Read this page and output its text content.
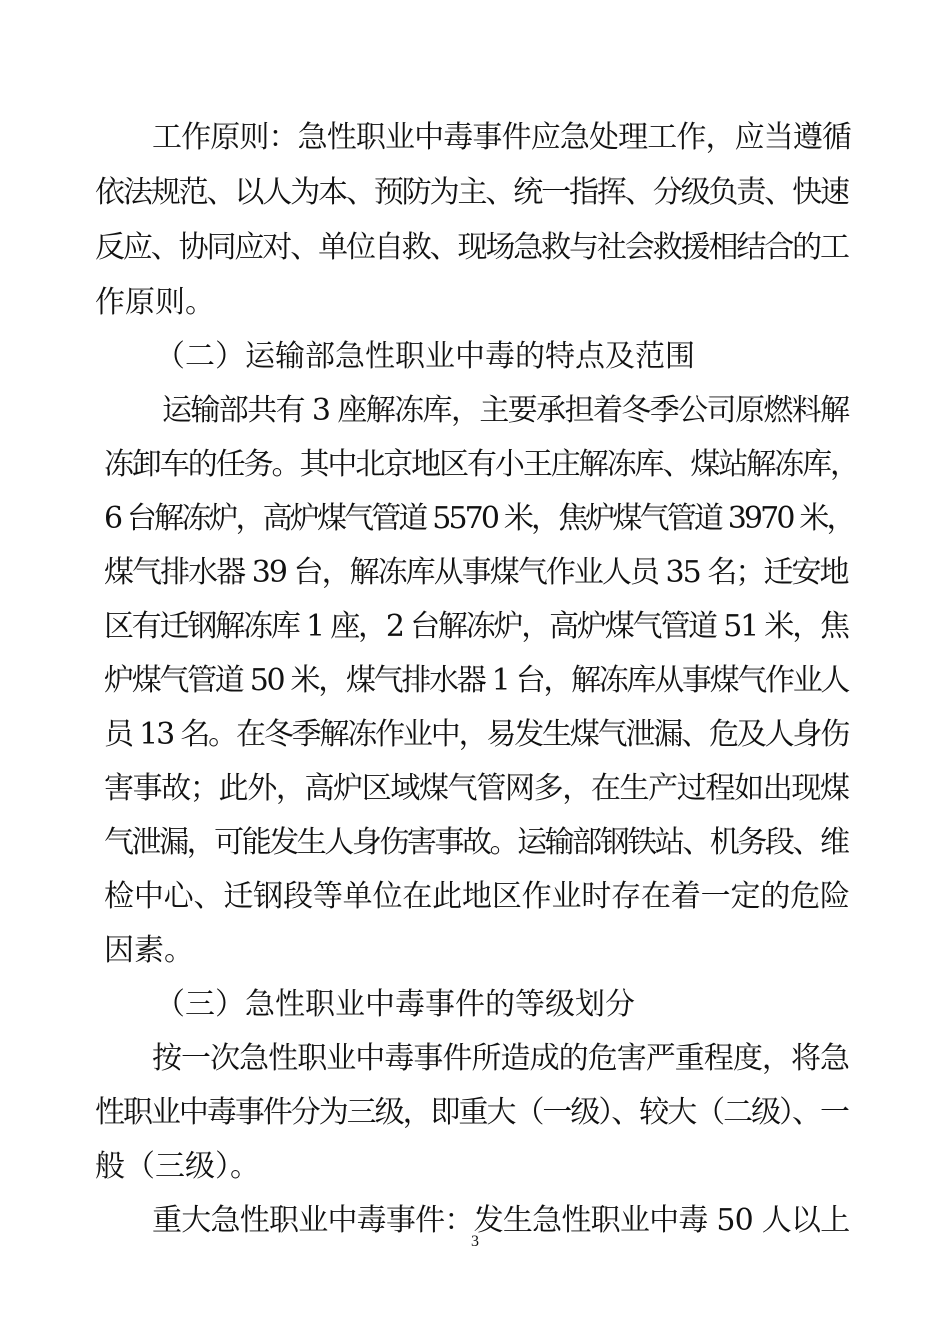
工作原则：急性职业中毒事件应急处理工作，应当遵循
依法规范、以人为本、预防为主、统一指挥、分级负责、快速
反应、协同应对、单位自救、现场急救与社会救援相结合的工
作原则。
（二）运输部急性职业中毒的特点及范围
运输部共有 3 座解冻库，主要承担着冬季公司原燃料解
冻卸车的任务。其中北京地区有小王庄解冻库、煤站解冻库，
6 台解冻炉，高炉煤气管道 5570 米，焦炉煤气管道 3970 米，
煤气排水器 39 台，解冻库从事煤气作业人员 35 名；迁安地
区有迁钢解冻库 1 座，2 台解冻炉，高炉煤气管道 51 米，焦
炉煤气管道 50 米，煤气排水器 1 台，解冻库从事煤气作业人
员 13 名。在冬季解冻作业中，易发生煤气泄漏、危及人身伤
害事故；此外，高炉区域煤气管网多，在生产过程如出现煤
气泄漏，可能发生人身伤害事故。运输部钢铁站、机务段、维
检中心、迁钢段等单位在此地区作业时存在着一定的危险
因素。
（三）急性职业中毒事件的等级划分
按一次急性职业中毒事件所造成的危害严重程度，将急
性职业中毒事件分为三级，即重大（一级）、较大（二级）、一
般（三级）。
重大急性职业中毒事件：发生急性职业中毒 50 人以上
3
